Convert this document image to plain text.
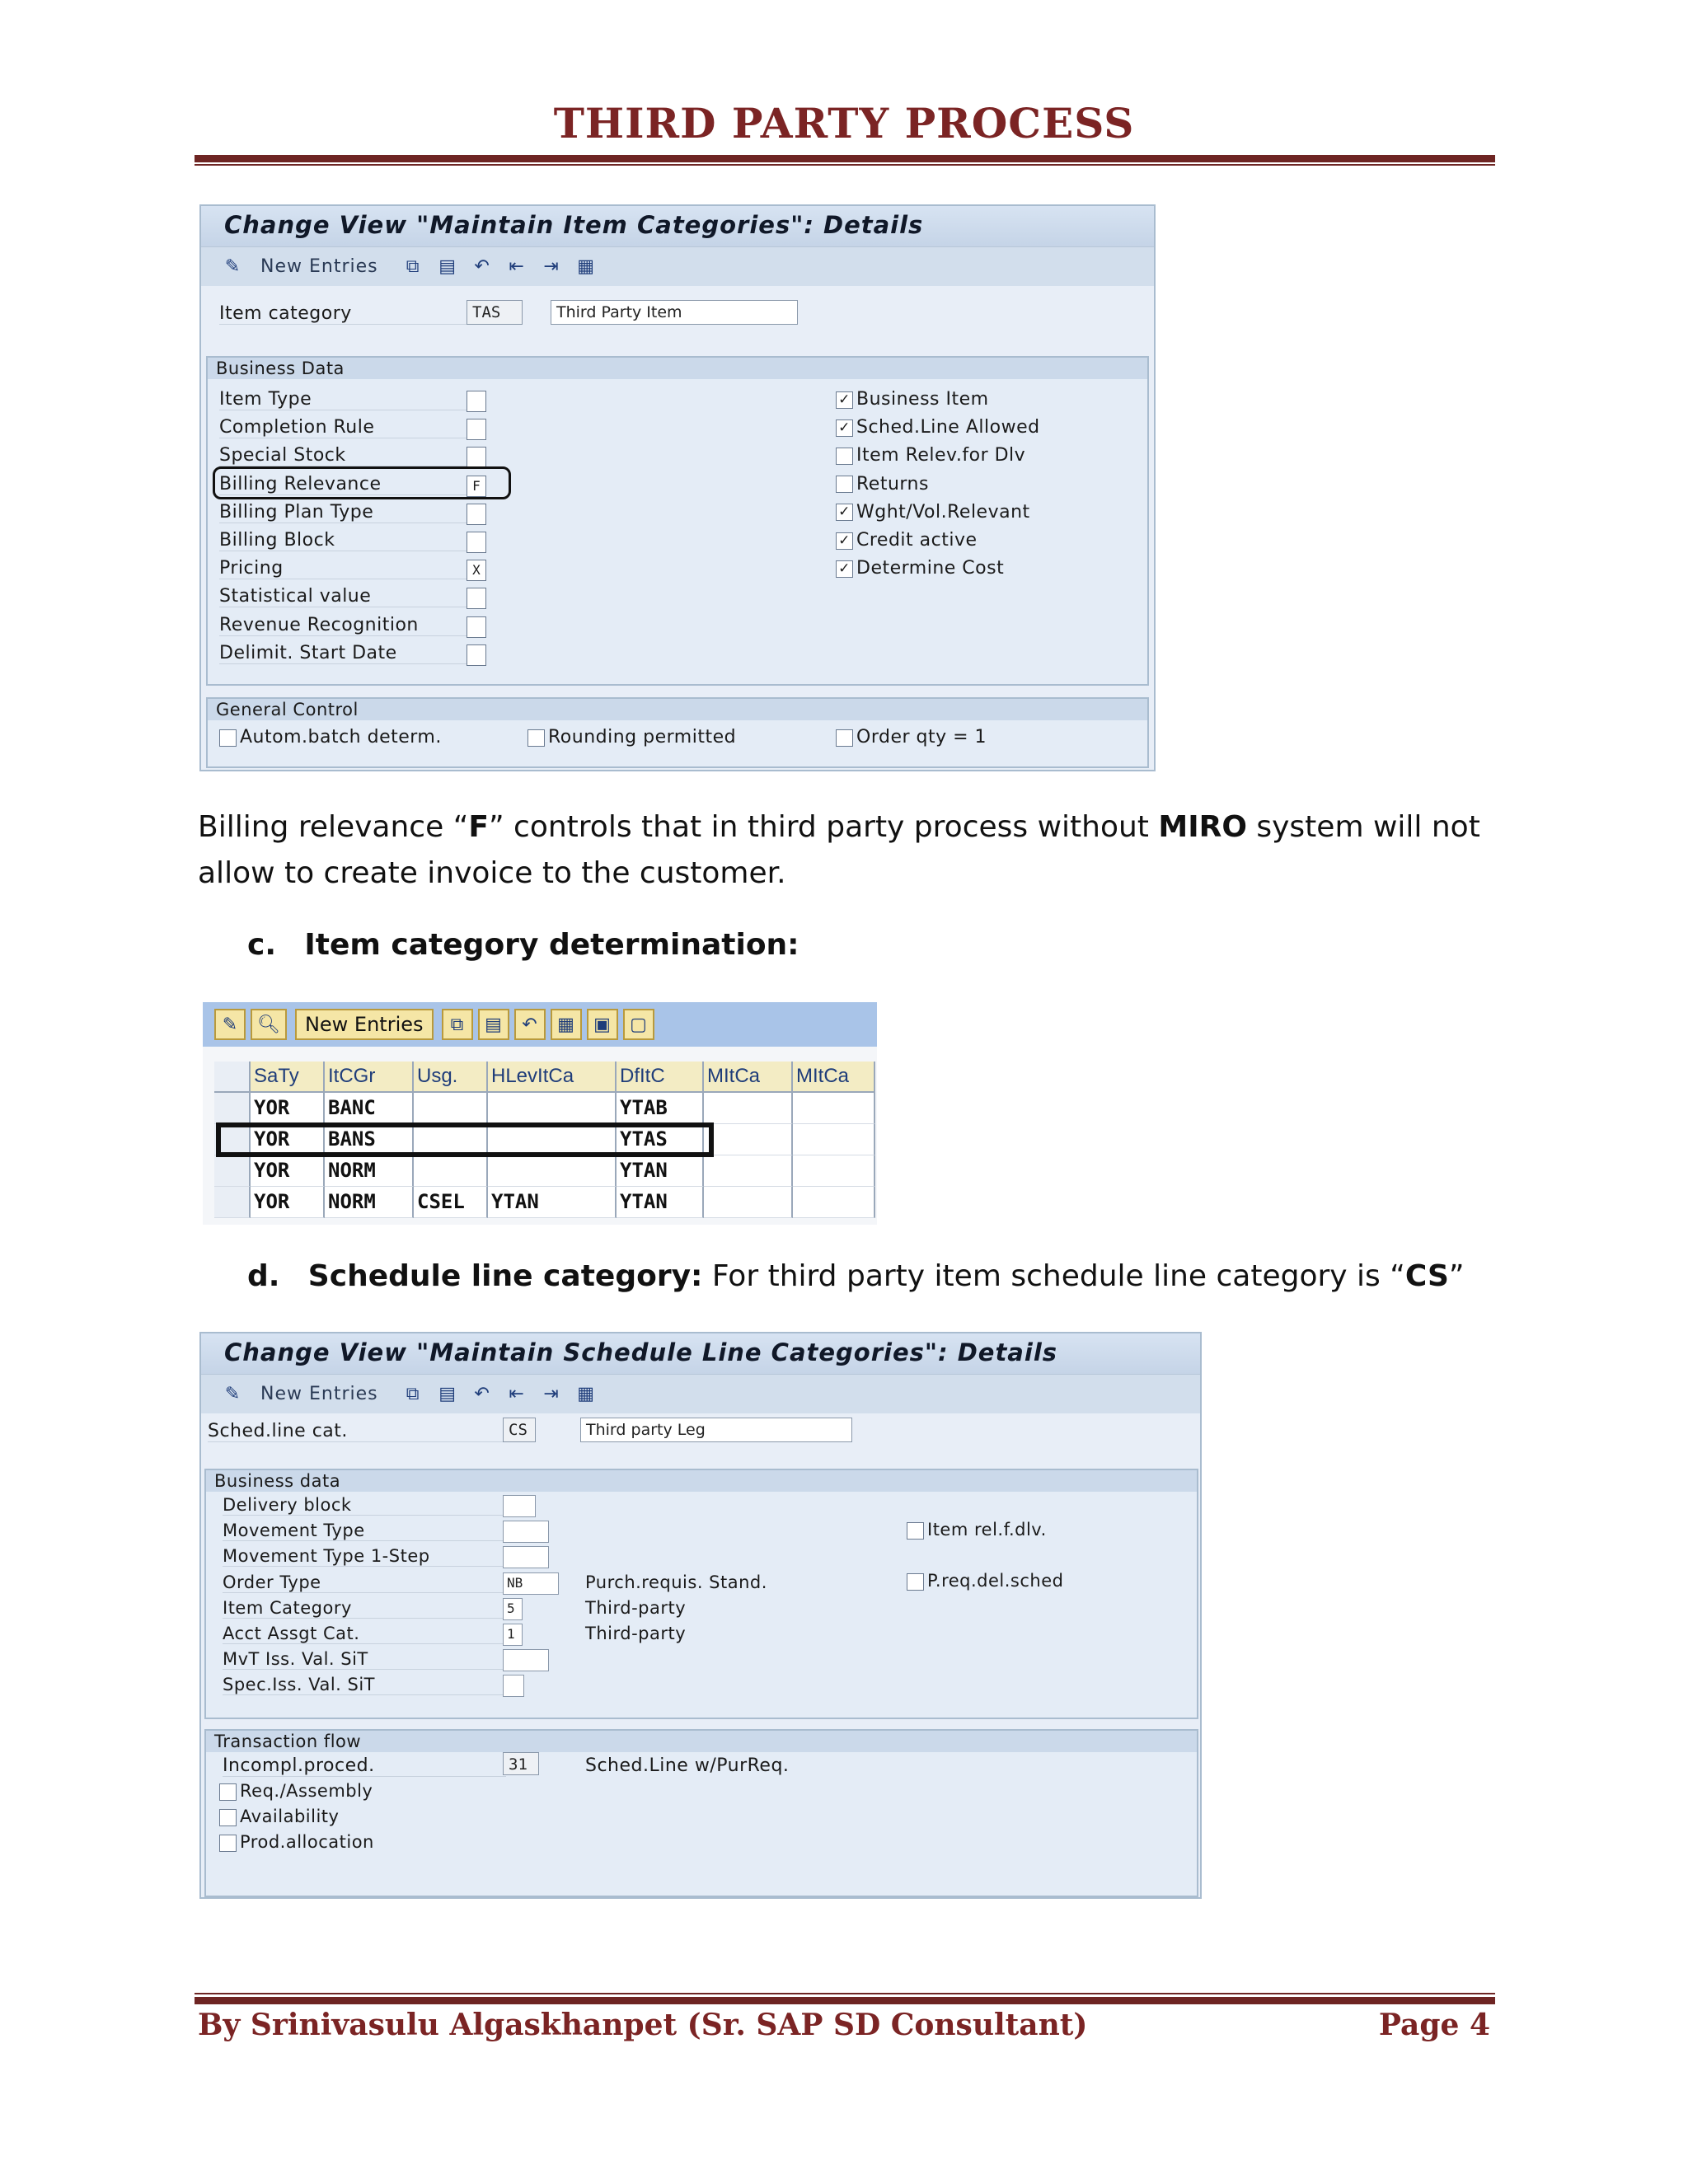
THIRD PARTY PROCESS
Change View "Maintain Item Categories": Details
✎ New Entries ⧉ ▤ ↶ ⇤ ⇥ ▦
Item category	TAS	Third Party Item
Business Data
General Control
Item Type
Completion Rule
Special Stock
Billing Relevance	F
Billing Plan Type
Billing Block
Pricing	X
Statistical value
Revenue Recognition
Delimit. Start Date
✓ Business Item
✓ Sched.Line Allowed
Item Relev.for Dlv
Returns
✓ Wght/Vol.Relevant
✓ Credit active
✓ Determine Cost
Autom.batch determ.	Rounding permitted	Order qty = 1
Billing relevance “F” controls that in third party process without MIRO system will not allow to create invoice to the customer.
c. Item category determination:
✎	🔍︎	New Entries	⧉	▤	↶	▦	▣	▢
SaTy	ItCGr	Usg.	HLevItCa	DfItC	MItCa	MItCa
YOR	BANC	YTAB
YOR	BANS	YTAS
YOR	NORM	YTAN
YOR	NORM	CSEL	YTAN	YTAN
d. Schedule line category: For third party item schedule line category is “CS”
Change View "Maintain Schedule Line Categories": Details
✎ New Entries ⧉ ▤ ↶ ⇤ ⇥ ▦
Sched.line cat.	CS	Third party Leg
Business data
Transaction flow
Incompl.proced.	31	Sched.Line w/PurReq.
Delivery block
Movement Type
Movement Type 1-Step
Order Type	NB	Purch.requis. Stand.
Item Category	5	Third-party
Acct Assgt Cat.	1	Third-party
MvT Iss. Val. SiT
Spec.Iss. Val. SiT
Item rel.f.dlv.
P.req.del.sched
Req./Assembly
Availability
Prod.allocation
By Srinivasulu Algaskhanpet (Sr. SAP SD Consultant)	Page 4
